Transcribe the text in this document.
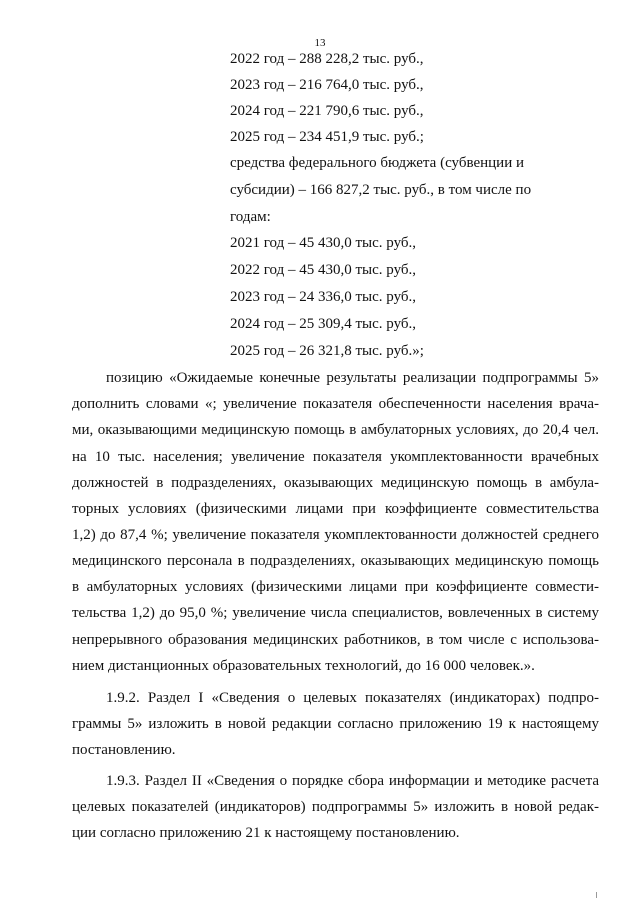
13
2022 год – 288 228,2 тыс. руб.,
2023 год – 216 764,0 тыс. руб.,
2024 год – 221 790,6 тыс. руб.,
2025 год – 234 451,9 тыс. руб.;
средства федерального бюджета (субвенции и
субсидии) – 166 827,2 тыс. руб., в том числе по
годам:
2021 год – 45 430,0 тыс. руб.,
2022 год – 45 430,0 тыс. руб.,
2023 год – 24 336,0 тыс. руб.,
2024 год – 25 309,4 тыс. руб.,
2025 год – 26 321,8 тыс. руб.»;
позицию «Ожидаемые конечные результаты реализации подпрограммы 5»
дополнить словами «; увеличение показателя обеспеченности населения врача-
ми, оказывающими медицинскую помощь в амбулаторных условиях, до 20,4 чел.
на 10 тыс. населения; увеличение показателя укомплектованности врачебных
должностей в подразделениях, оказывающих медицинскую помощь в амбула-
торных условиях (физическими лицами при коэффициенте совместительства
1,2) до 87,4 %; увеличение показателя укомплектованности должностей среднего
медицинского персонала в подразделениях, оказывающих медицинскую помощь
в амбулаторных условиях (физическими лицами при коэффициенте совмести-
тельства 1,2) до 95,0 %; увеличение числа специалистов, вовлеченных в систему
непрерывного образования медицинских работников, в том числе с использова-
нием дистанционных образовательных технологий, до 16 000 человек.».
1.9.2. Раздел I «Сведения о целевых показателях (индикаторах) подпро-
граммы 5» изложить в новой редакции согласно приложению 19 к настоящему
постановлению.
1.9.3. Раздел II «Сведения о порядке сбора информации и методике расчета
целевых показателей (индикаторов) подпрограммы 5» изложить в новой редак-
ции согласно приложению 21 к настоящему постановлению.
